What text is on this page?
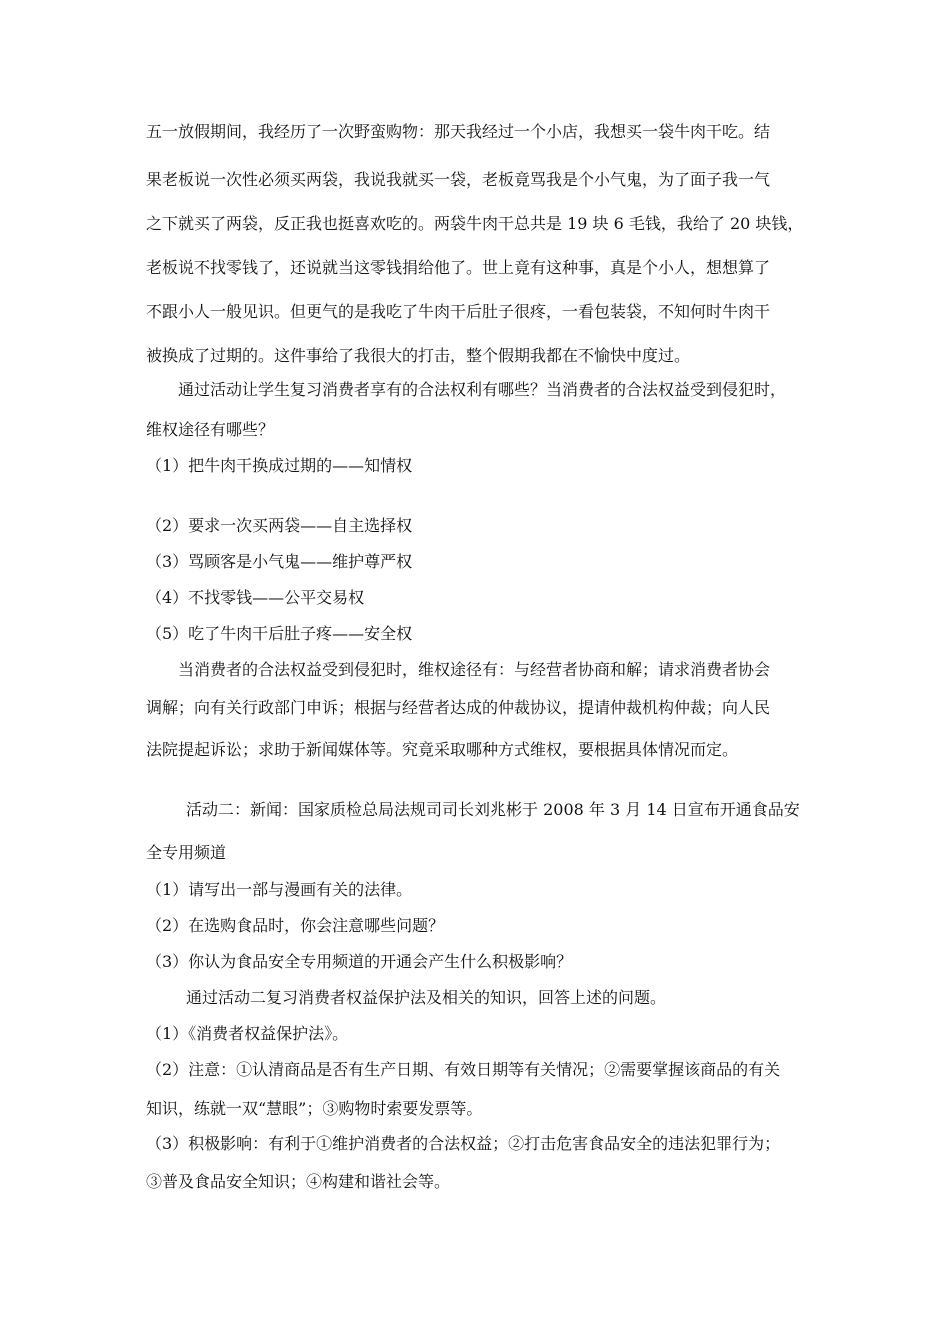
五一放假期间，我经历了一次野蛮购物：那天我经过一个小店，我想买一袋牛肉干吃。结

果老板说一次性必须买两袋，我说我就买一袋，老板竟骂我是个小气鬼，为了面子我一气

之下就买了两袋，反正我也挺喜欢吃的。两袋牛肉干总共是 19 块 6 毛钱，我给了 20 块钱，

老板说不找零钱了，还说就当这零钱捐给他了。世上竟有这种事，真是个小人，想想算了

不跟小人一般见识。但更气的是我吃了牛肉干后肚子很疼，一看包装袋，不知何时牛肉干

被换成了过期的。这件事给了我很大的打击，整个假期我都在不愉快中度过。

通过活动让学生复习消费者享有的合法权利有哪些？当消费者的合法权益受到侵犯时，

维权途径有哪些？

（1）把牛肉干换成过期的——知情权

（2）要求一次买两袋——自主选择权

（3）骂顾客是小气鬼——维护尊严权

（4）不找零钱——公平交易权

（5）吃了牛肉干后肚子疼——安全权

当消费者的合法权益受到侵犯时，维权途径有：与经营者协商和解；请求消费者协会

调解；向有关行政部门申诉；根据与经营者达成的仲裁协议，提请仲裁机构仲裁；向人民

法院提起诉讼；求助于新闻媒体等。究竟采取哪种方式维权，要根据具体情况而定。

活动二：新闻：国家质检总局法规司司长刘兆彬于 2008 年 3 月 14 日宣布开通食品安

全专用频道

（1）请写出一部与漫画有关的法律。

（2）在选购食品时，你会注意哪些问题？

（3）你认为食品安全专用频道的开通会产生什么积极影响？

通过活动二复习消费者权益保护法及相关的知识，回答上述的问题。

（1）《消费者权益保护法》。

（2）注意：①认清商品是否有生产日期、有效日期等有关情况；②需要掌握该商品的有关

知识，练就一双“慧眼”；③购物时索要发票等。

（3）积极影响：有利于①维护消费者的合法权益；②打击危害食品安全的违法犯罪行为；

③普及食品安全知识；④构建和谐社会等。
